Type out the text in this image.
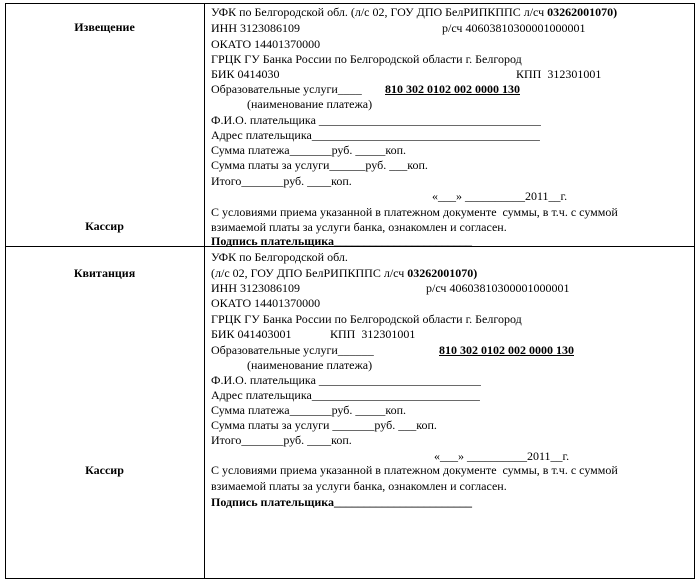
Извещение
Кассир
УФК по Белгородской обл. (л/с 02, ГОУ ДПО БелРИПКППС л/сч 03262001070)
ИНН 3123086109	р/сч 40603810300001000001
ОКАТО 14401370000
ГРЦК ГУ Банка России по Белгородской области г. Белгород
БИК 0414030	КПП  312301001
Образовательные услуги____ 810 302 0102 002 0000 130
(наименование платежа)
Ф.И.О. плательщика _____________________________________
Адрес плательщика______________________________________
Сумма платежа_______руб. _____коп.
Сумма платы за услуги______руб. ___коп.
Итого_______руб. ____коп.
«___» __________2011__г.
С условиями приема указанной в платежном документе  суммы, в т.ч. с суммой
взимаемой платы за услуги банка, ознакомлен и согласен.
Подпись плательщика_______________________
Квитанция
Кассир
УФК по Белгородской обл.
(л/с 02, ГОУ ДПО БелРИПКППС л/сч 03262001070)
ИНН 3123086109	р/сч 40603810300001000001
ОКАТО 14401370000
ГРЦК ГУ Банка России по Белгородской области г. Белгород
БИК 041403001	КПП  312301001
Образовательные услуги______	810 302 0102 002 0000 130
(наименование платежа)
Ф.И.О. плательщика ___________________________
Адрес плательщика____________________________
Сумма платежа_______руб. _____коп.
Сумма платы за услуги _______руб. ___коп.
Итого_______руб. ____коп.
«___» __________2011__г.
С условиями приема указанной в платежном документе  суммы, в т.ч. с суммой
взимаемой платы за услуги банка, ознакомлен и согласен.
Подпись плательщика_______________________
